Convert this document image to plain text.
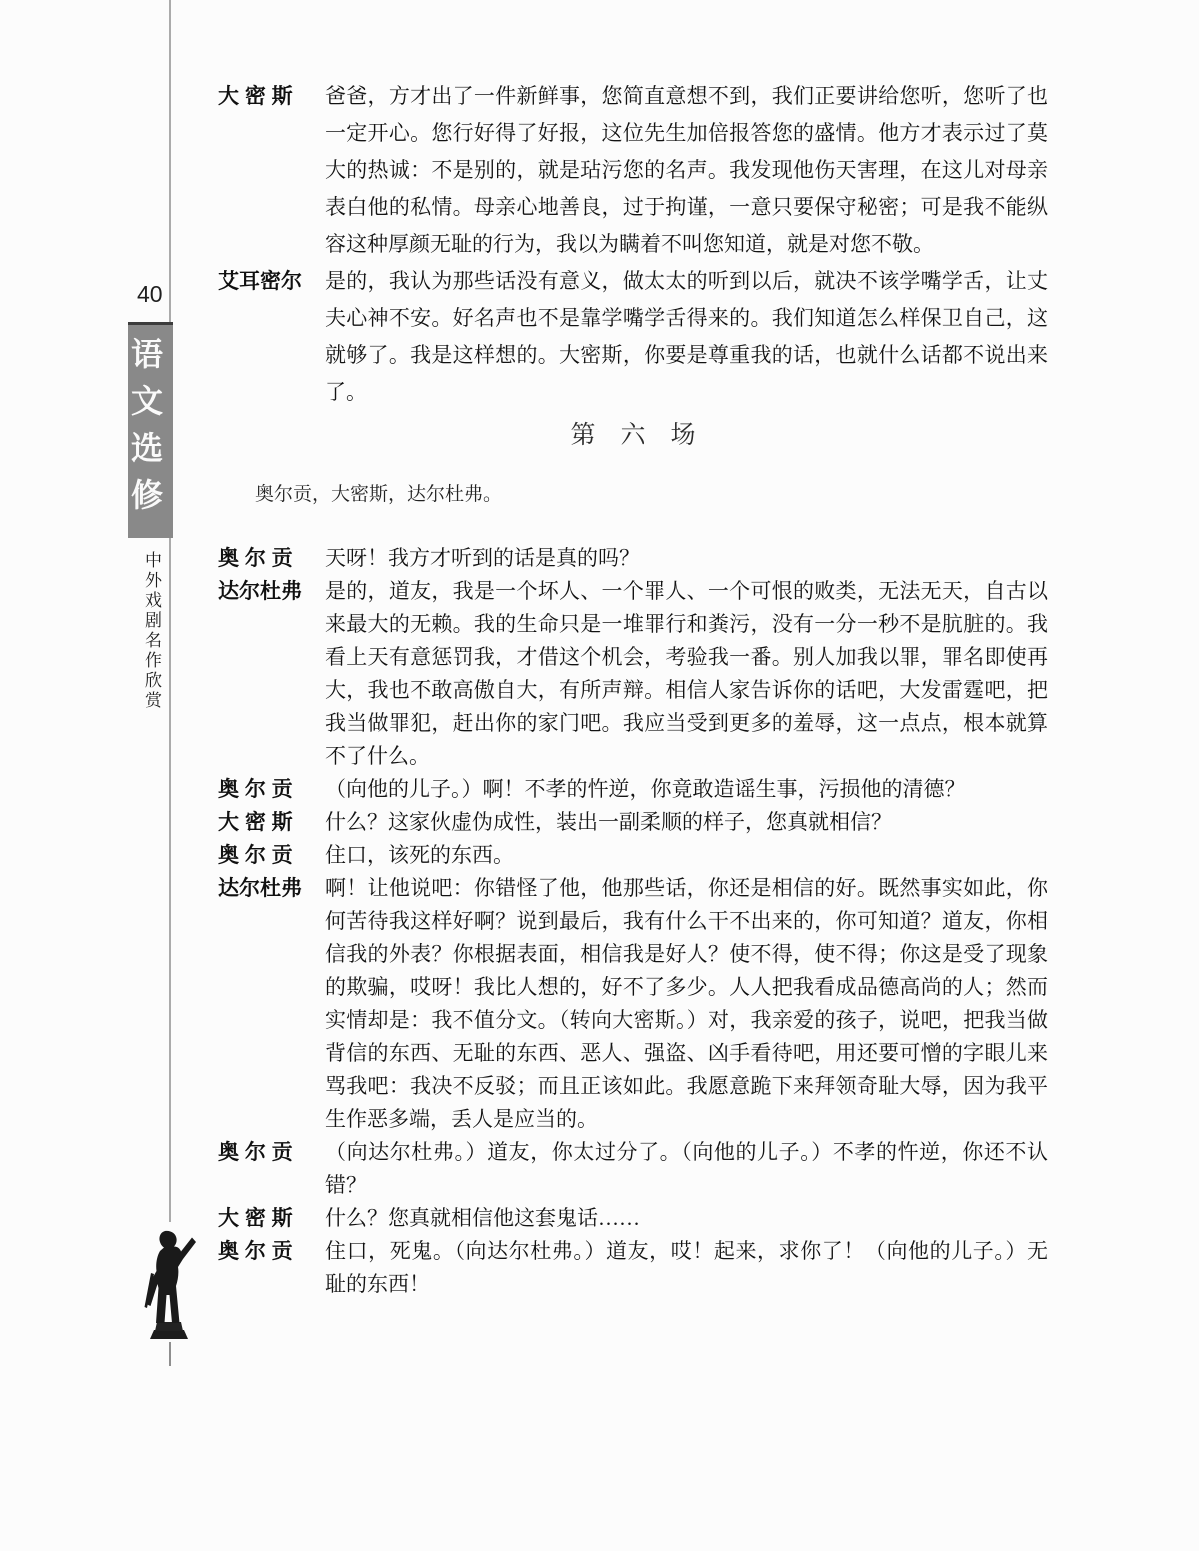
40
语文选修
中外戏剧名作欣赏
大 密 斯 爸爸，方才出了一件新鲜事，您简直意想不到，我们正要讲给您听，您听了也一定开心。您行好得了好报，这位先生加倍报答您的盛情。他方才表示过了莫大的热诚：不是别的，就是玷污您的名声。我发现他伤天害理，在这儿对母亲表白他的私情。母亲心地善良，过于拘谨，一意只要保守秘密；可是我不能纵容这种厚颜无耻的行为，我以为瞒着不叫您知道，就是对您不敬。
艾耳密尔 是的，我认为那些话没有意义，做太太的听到以后，就决不该学嘴学舌，让丈夫心神不安。好名声也不是靠学嘴学舌得来的。我们知道怎么样保卫自己，这就够了。我是这样想的。大密斯，你要是尊重我的话，也就什么话都不说出来了。
第　六　场
奥尔贡，大密斯，达尔杜弗。
奥 尔 贡 天呀！我方才听到的话是真的吗？
达尔杜弗 是的，道友，我是一个坏人、一个罪人、一个可恨的败类，无法无天，自古以来最大的无赖。我的生命只是一堆罪行和粪污，没有一分一秒不是肮脏的。我看上天有意惩罚我，才借这个机会，考验我一番。别人加我以罪，罪名即使再大，我也不敢高傲自大，有所声辩。相信人家告诉你的话吧，大发雷霆吧，把我当做罪犯，赶出你的家门吧。我应当受到更多的羞辱，这一点点，根本就算不了什么。
奥 尔 贡 （向他的儿子。）啊！不孝的忤逆，你竟敢造谣生事，污损他的清德？
大 密 斯 什么？这家伙虚伪成性，装出一副柔顺的样子，您真就相信？
奥 尔 贡 住口，该死的东西。
达尔杜弗 啊！让他说吧：你错怪了他，他那些话，你还是相信的好。既然事实如此，你何苦待我这样好啊？说到最后，我有什么干不出来的，你可知道？道友，你相信我的外表？你根据表面，相信我是好人？使不得，使不得；你这是受了现象的欺骗，哎呀！我比人想的，好不了多少。人人把我看成品德高尚的人；然而实情却是：我不值分文。（转向大密斯。）对，我亲爱的孩子，说吧，把我当做背信的东西、无耻的东西、恶人、强盗、凶手看待吧，用还要可憎的字眼儿来骂我吧：我决不反驳；而且正该如此。我愿意跪下来拜领奇耻大辱，因为我平生作恶多端，丢人是应当的。
奥 尔 贡 （向达尔杜弗。）道友，你太过分了。（向他的儿子。）不孝的忤逆，你还不认错？
大 密 斯 什么？您真就相信他这套鬼话……
奥 尔 贡 住口，死鬼。（向达尔杜弗。）道友，哎！起来，求你了！（向他的儿子。）无耻的东西！
